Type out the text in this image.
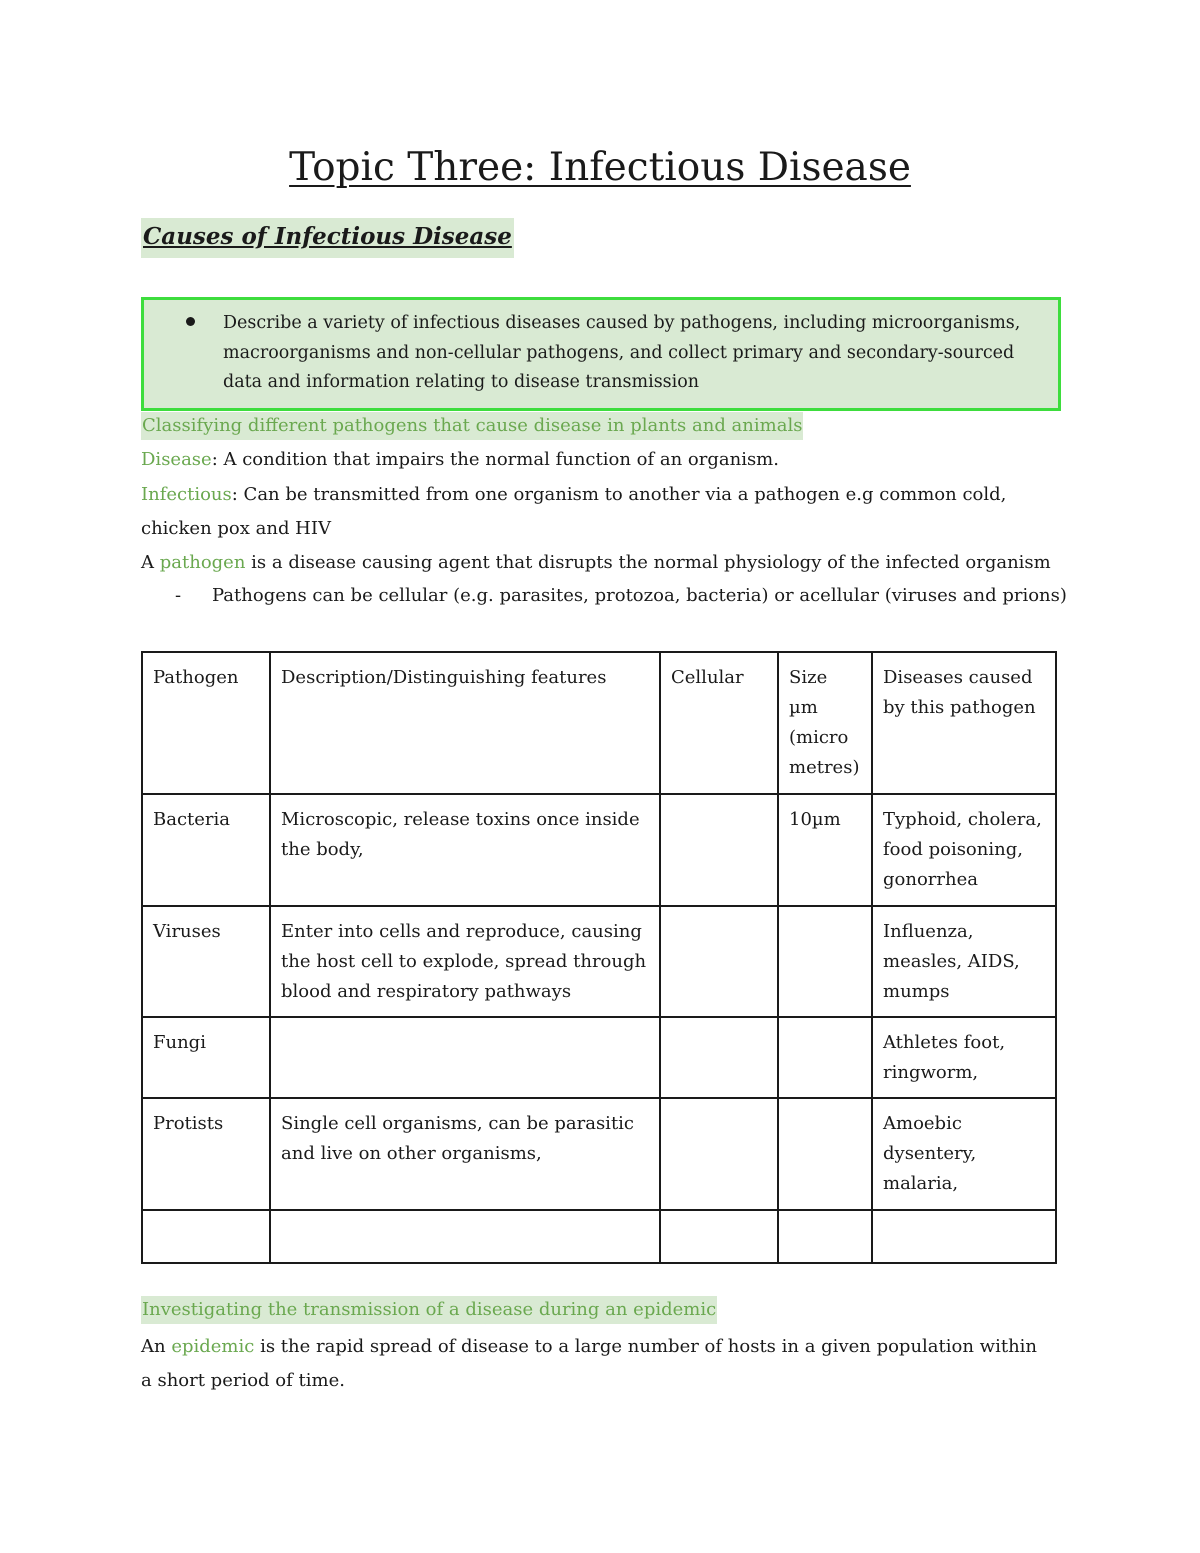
Topic Three: Infectious Disease
Causes of Infectious Disease
Describe a variety of infectious diseases caused by pathogens, including microorganisms, macroorganisms and non-cellular pathogens, and collect primary and secondary-sourced data and information relating to disease transmission
Classifying different pathogens that cause disease in plants and animals
Disease: A condition that impairs the normal function of an organism.
Infectious: Can be transmitted from one organism to another via a pathogen e.g common cold, chicken pox and HIV
A pathogen is a disease causing agent that disrupts the normal physiology of the infected organism
- Pathogens can be cellular (e.g. parasites, protozoa, bacteria) or acellular (viruses and prions)
Pathogen	Description/Distinguishing features	Cellular	Size µm (micro metres)	Diseases caused by this pathogen
Bacteria	Microscopic, release toxins once inside the body,		10µm	Typhoid, cholera, food poisoning, gonorrhea
Viruses	Enter into cells and reproduce, causing the host cell to explode, spread through blood and respiratory pathways			Influenza, measles, AIDS, mumps
Fungi				Athletes foot, ringworm,
Protists	Single cell organisms, can be parasitic and live on other organisms,			Amoebic dysentery, malaria,

Investigating the transmission of a disease during an epidemic
An epidemic is the rapid spread of disease to a large number of hosts in a given population within a short period of time.
